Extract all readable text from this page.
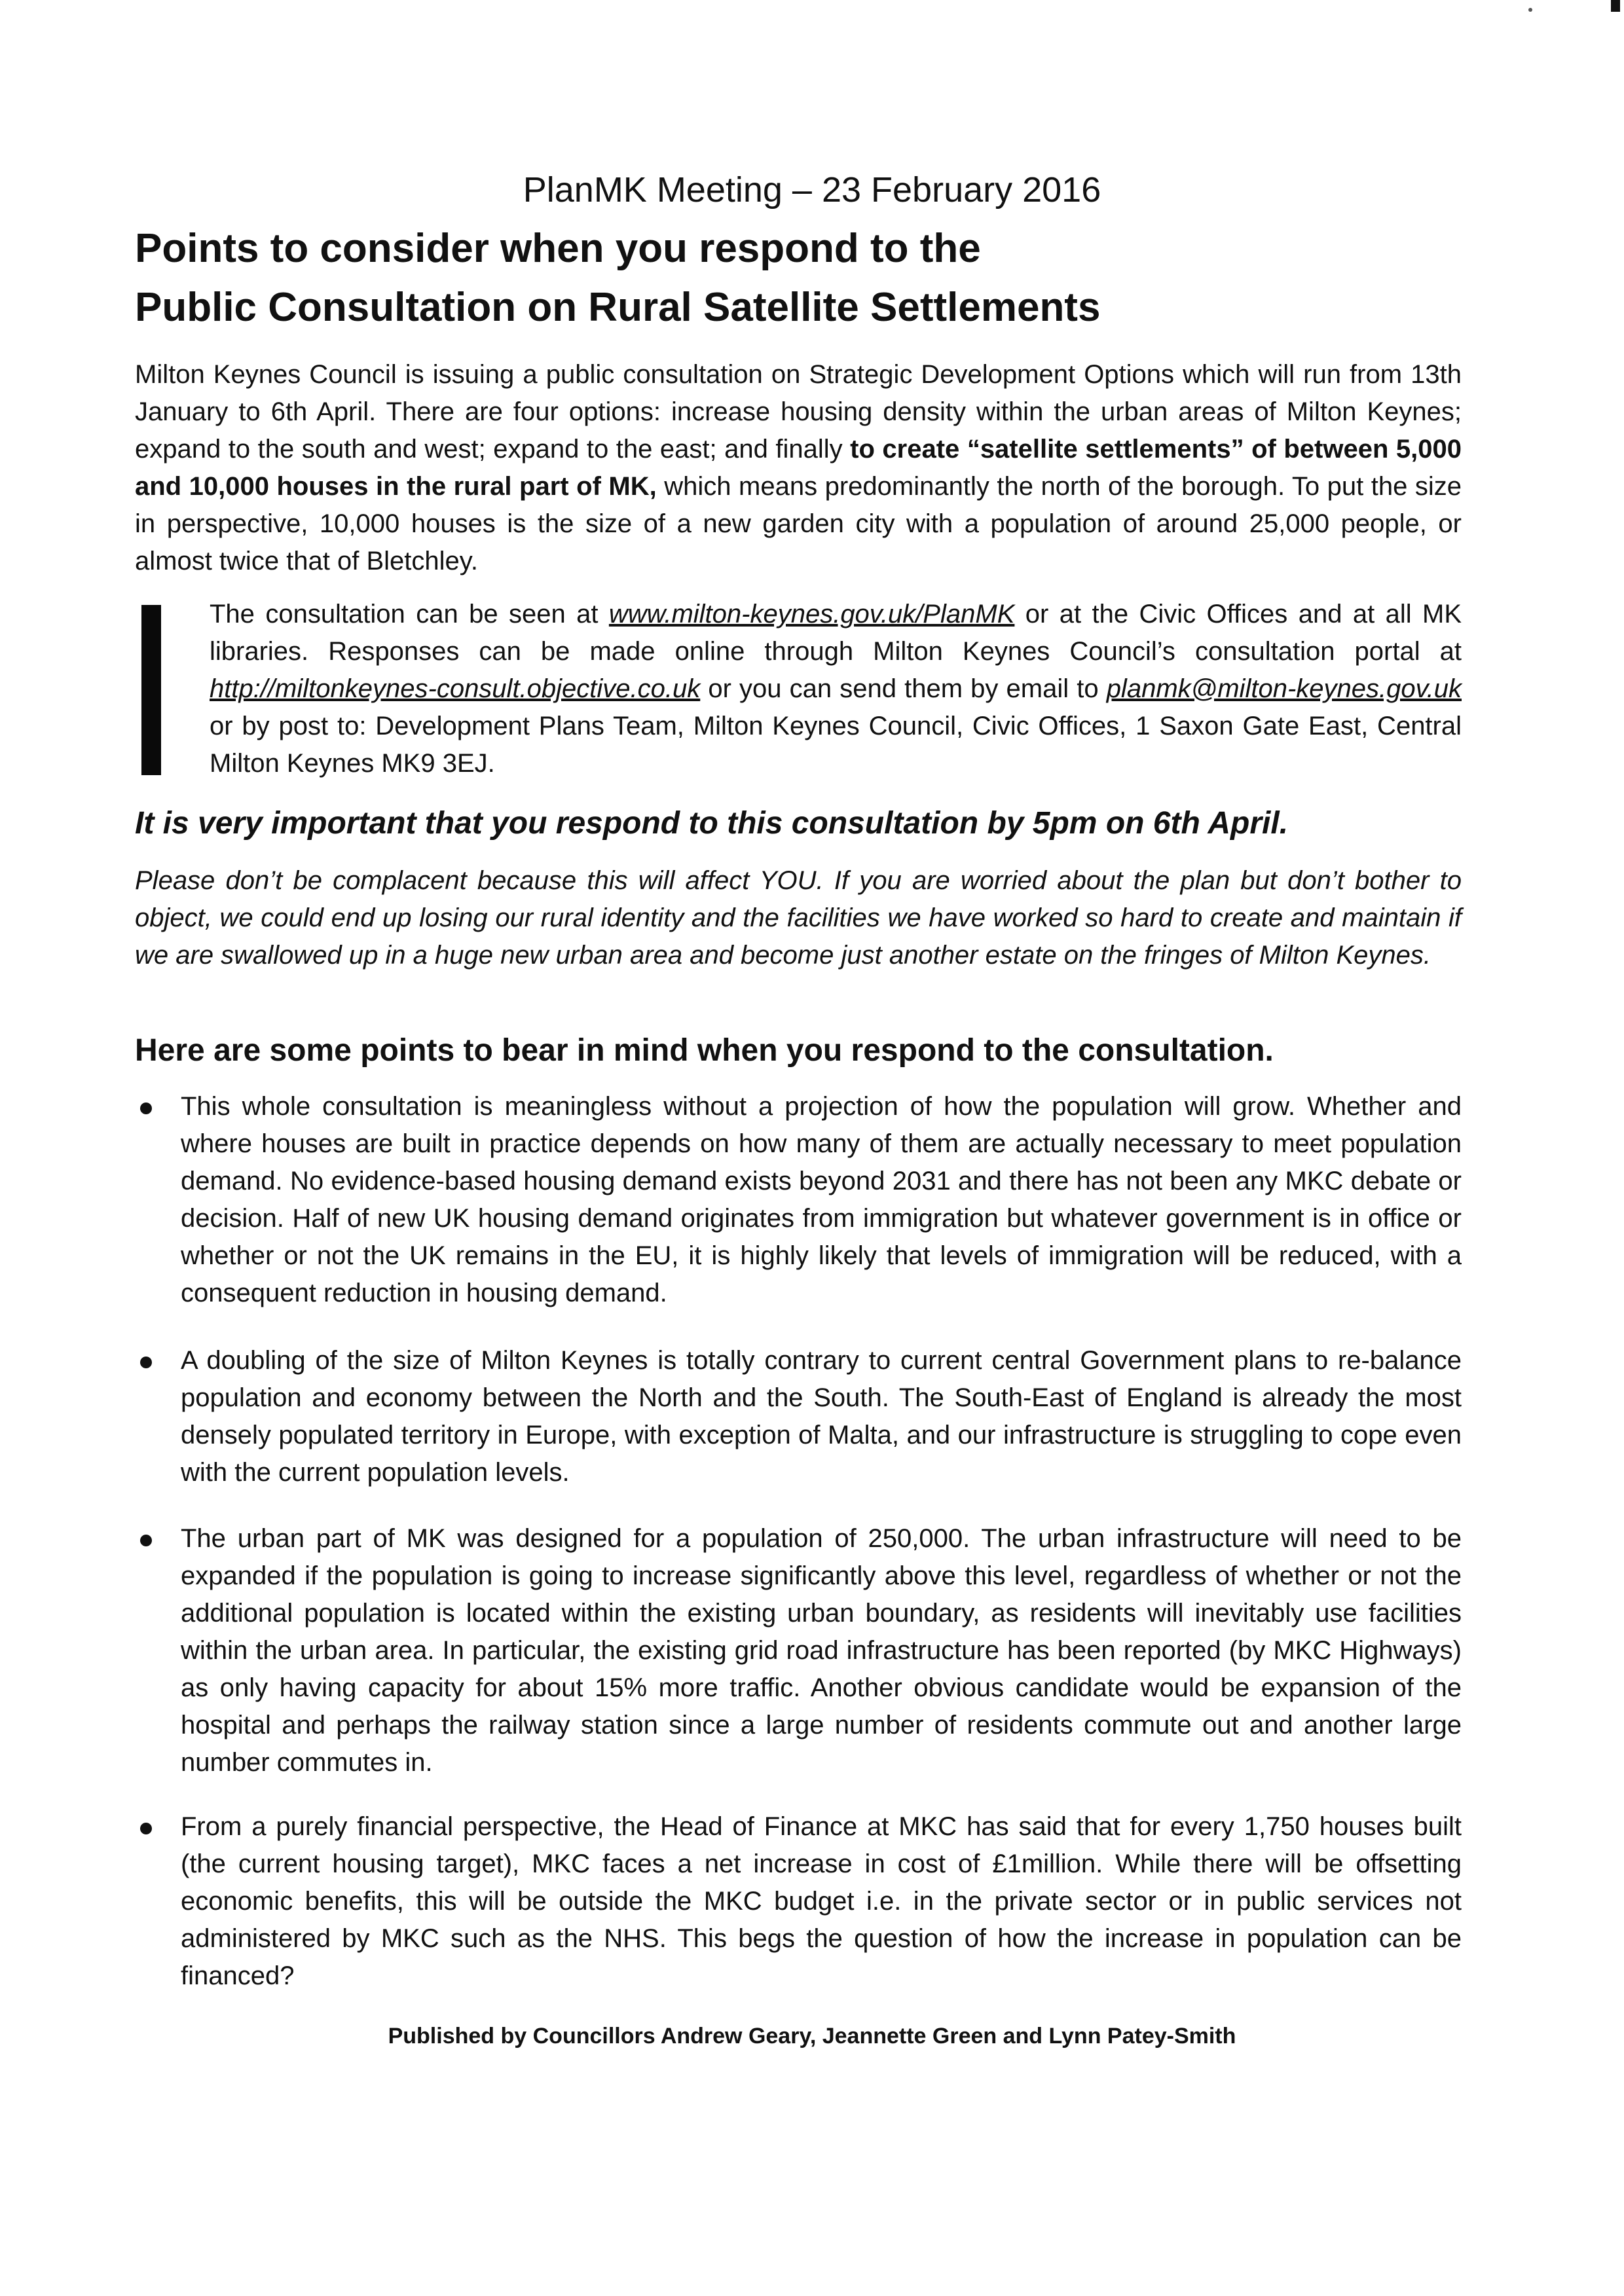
PlanMK Meeting – 23 February 2016
Points to consider when you respond to the
Public Consultation on Rural Satellite Settlements
Milton Keynes Council is issuing a public consultation on Strategic Development Options which will run from 13th January to 6th April. There are four options: increase housing density within the urban areas of Milton Keynes; expand to the south and west; expand to the east; and finally to create “satellite settlements” of between 5,000 and 10,000 houses in the rural part of MK, which means predominantly the north of the borough. To put the size in perspective, 10,000 houses is the size of a new garden city with a population of around 25,000 people, or almost twice that of Bletchley.
The consultation can be seen at www.milton-keynes.gov.uk/PlanMK or at the Civic Offices and at all MK libraries. Responses can be made online through Milton Keynes Council’s consultation portal at http://miltonkeynes-consult.objective.co.uk or you can send them by email to planmk@milton-keynes.gov.uk or by post to: Development Plans Team, Milton Keynes Council, Civic Offices, 1 Saxon Gate East, Central Milton Keynes MK9 3EJ.
It is very important that you respond to this consultation by 5pm on 6th April.
Please don’t be complacent because this will affect YOU. If you are worried about the plan but don’t bother to object, we could end up losing our rural identity and the facilities we have worked so hard to create and maintain if we are swallowed up in a huge new urban area and become just another estate on the fringes of Milton Keynes.
Here are some points to bear in mind when you respond to the consultation.
This whole consultation is meaningless without a projection of how the population will grow. Whether and where houses are built in practice depends on how many of them are actually necessary to meet population demand. No evidence-based housing demand exists beyond 2031 and there has not been any MKC debate or decision. Half of new UK housing demand originates from immigration but whatever government is in office or whether or not the UK remains in the EU, it is highly likely that levels of immigration will be reduced, with a consequent reduction in housing demand.
A doubling of the size of Milton Keynes is totally contrary to current central Government plans to re-balance population and economy between the North and the South. The South-East of England is already the most densely populated territory in Europe, with exception of Malta, and our infrastructure is struggling to cope even with the current population levels.
The urban part of MK was designed for a population of 250,000. The urban infrastructure will need to be expanded if the population is going to increase significantly above this level, regardless of whether or not the additional population is located within the existing urban boundary, as residents will inevitably use facilities within the urban area. In particular, the existing grid road infrastructure has been reported (by MKC Highways) as only having capacity for about 15% more traffic. Another obvious candidate would be expansion of the hospital and perhaps the railway station since a large number of residents commute out and another large number commutes in.
From a purely financial perspective, the Head of Finance at MKC has said that for every 1,750 houses built (the current housing target), MKC faces a net increase in cost of £1million. While there will be offsetting economic benefits, this will be outside the MKC budget i.e. in the private sector or in public services not administered by MKC such as the NHS. This begs the question of how the increase in population can be financed?
Published by Councillors Andrew Geary, Jeannette Green and Lynn Patey-Smith
